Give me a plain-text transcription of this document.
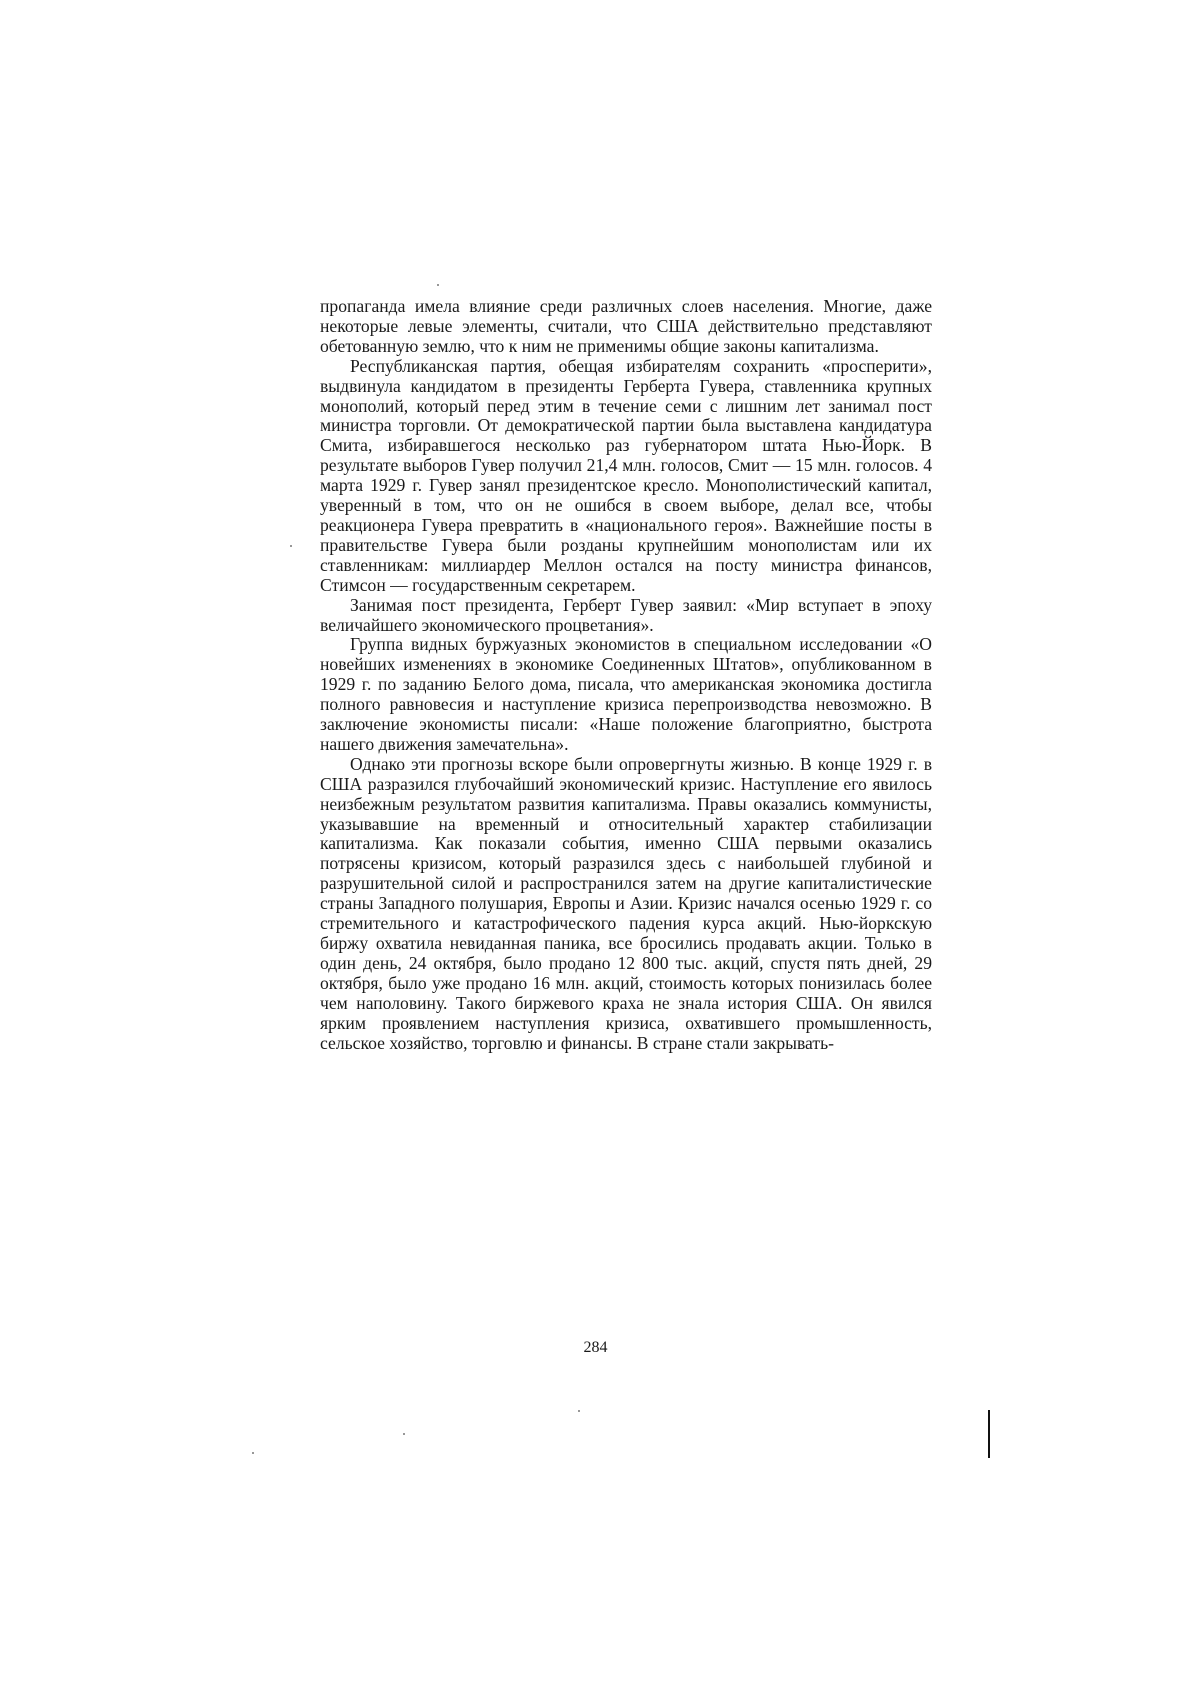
пропаганда имела влияние среди различных слоев населения. Многие, даже некоторые левые элементы, считали, что США действительно представляют обетованную землю, что к ним не применимы общие законы капитализма.

Республиканская партия, обещая избирателям сохранить «просперити», выдвинула кандидатом в президенты Герберта Гувера, ставленника крупных монополий, который перед этим в течение семи с лишним лет занимал пост министра торговли. От демократической партии была выставлена кандидатура Смита, избиравшегося несколько раз губернатором штата Нью-Йорк. В результате выборов Гувер получил 21,4 млн. голосов, Смит — 15 млн. голосов. 4 марта 1929 г. Гувер занял президентское кресло. Монополистический капитал, уверенный в том, что он не ошибся в своем выборе, делал все, чтобы реакционера Гувера превратить в «национального героя». Важнейшие посты в правительстве Гувера были розданы крупнейшим монополистам или их ставленникам: миллиардер Меллон остался на посту министра финансов, Стимсон — государственным секретарем.

Занимая пост президента, Герберт Гувер заявил: «Мир вступает в эпоху величайшего экономического процветания».

Группа видных буржуазных экономистов в специальном исследовании «О новейших изменениях в экономике Соединенных Штатов», опубликованном в 1929 г. по заданию Белого дома, писала, что американская экономика достигла полного равновесия и наступление кризиса перепроизводства невозможно. В заключение экономисты писали: «Наше положение благоприятно, быстрота нашего движения замечательна».

Однако эти прогнозы вскоре были опровергнуты жизнью. В конце 1929 г. в США разразился глубочайший экономический кризис. Наступление его явилось неизбежным результатом развития капитализма. Правы оказались коммунисты, указывавшие на временный и относительный характер стабилизации капитализма. Как показали события, именно США первыми оказались потрясены кризисом, который разразился здесь с наибольшей глубиной и разрушительной силой и распространился затем на другие капиталистические страны Западного полушария, Европы и Азии. Кризис начался осенью 1929 г. со стремительного и катастрофического падения курса акций. Нью-йоркскую биржу охватила невиданная паника, все бросились продавать акции. Только в один день, 24 октября, было продано 12 800 тыс. акций, спустя пять дней, 29 октября, было уже продано 16 млн. акций, стоимость которых понизилась более чем наполовину. Такого биржевого краха не знала история США. Он явился ярким проявлением наступления кризиса, охватившего промышленность, сельское хозяйство, торговлю и финансы. В стране стали закрывать-

284
